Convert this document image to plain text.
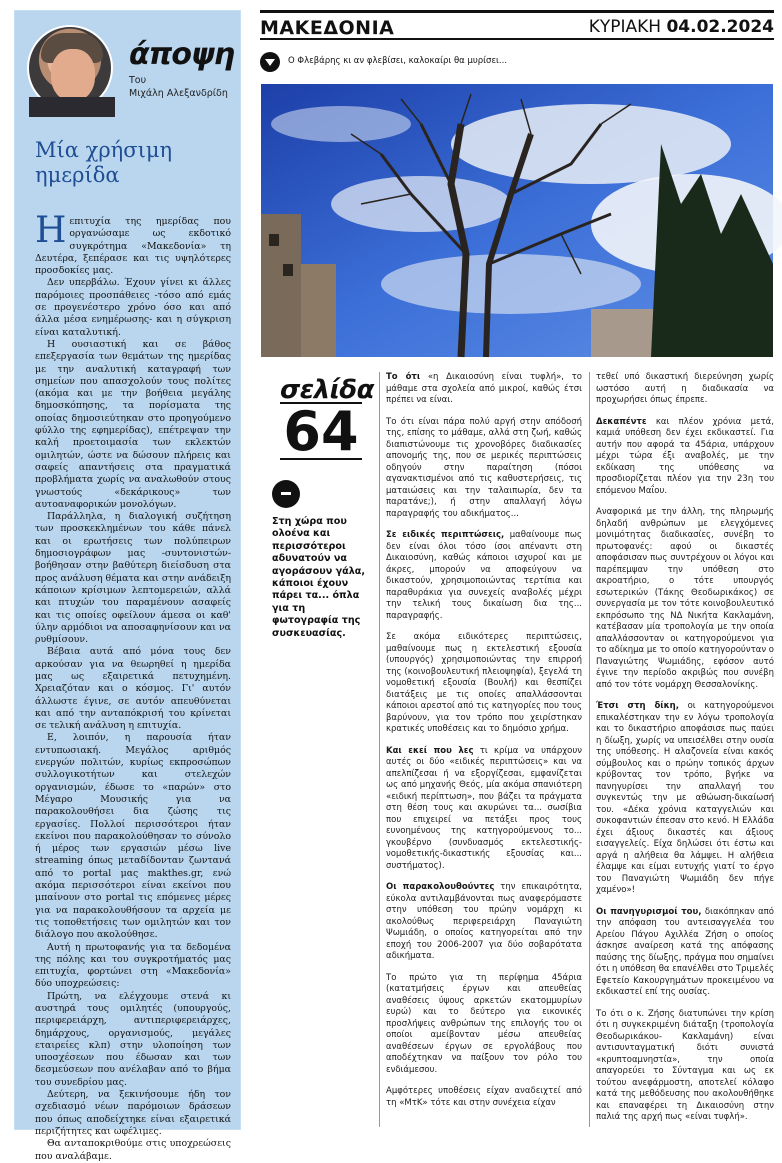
άποψη
Του
Μιχάλη Αλεξανδρίδη
Μία χρήσιμη ημερίδα

Ηεπιτυχία της ημερίδας που οργανώσαμε ως εκδοτικό συγκρότημα «Μακεδονία» τη Δευτέρα, ξεπέρασε και τις υψηλότερες προσδοκίες μας.

Δεν υπερβάλω. Έχουν γίνει κι άλλες παρόμοιες προσπάθειες -τόσο από εμάς σε προγενέστερο χρόνο όσο και από άλλα μέσα ενημέρωσης- και η σύγκριση είναι καταλυτική.

Η ουσιαστική και σε βάθος επεξεργασία των θεμάτων της ημερίδας με την αναλυτική καταγραφή των σημείων που απασχολούν τους πολίτες (ακόμα και με την βοήθεια μεγάλης δημοσκόπησης, τα πορίσματα της οποίας δημοσιεύτηκαν στο προηγούμενο φύλλο της εφημερίδας), επέτρεψαν την καλή προετοιμασία των εκλεκτών ομιλητών, ώστε να δώσουν πλήρεις και σαφείς απαντήσεις στα πραγματικά προβλήματα χωρίς να αναλωθούν στους γνωστούς «δεκάρικους» των αυτοαναφορικών μονολόγων.

Παράλληλα, η διαλογική συζήτηση των προσκεκλημένων του κάθε πάνελ και οι ερωτήσεις των πολύπειρων δημοσιογράφων μας -συντονιστών- βοήθησαν στην βαθύτερη διείσδυση στα προς ανάλυση θέματα και στην ανάδειξη κάποιων κρίσιμων λεπτομερειών, αλλά και πτυχών του παραμένουν ασαφείς και τις οποίες οφείλουν άμεσα οι καθ' ύλην αρμόδιοι να αποσαφηνίσουν και να ρυθμίσουν.

Βέβαια αυτά από μόνα τους δεν αρκούσαν για να θεωρηθεί η ημερίδα μας ως εξαιρετικά πετυχημένη. Χρειαζόταν και ο κόσμος. Γι' αυτόν άλλωστε έγινε, σε αυτόν απευθύνεται και από την ανταπόκρισή του κρίνεται σε τελική ανάλυση η επιτυχία.

Ε, λοιπόν, η παρουσία ήταν εντυπωσιακή. Μεγάλος αριθμός ενεργών πολιτών, κυρίως εκπροσώπων συλλογικοτήτων και στελεχών οργανισμών, έδωσε το «παρών» στο Μέγαρο Μουσικής για να παρακολουθήσει δια ζώσης τις εργασίες. Πολλοί περισσότεροι ήταν εκείνοι που παρακολούθησαν το σύνολο ή μέρος των εργασιών μέσω live streaming όπως μεταδίδονταν ζωντανά από το portal μας makthes.gr, ενώ ακόμα περισσότεροι είναι εκείνοι που μπαίνουν στο portal τις επόμενες μέρες για να παρακολουθήσουν τα αρχεία με τις τοποθετήσεις των ομιλητών και τον διάλογο που ακολούθησε.

Αυτή η πρωτοφανής για τα δεδομένα της πόλης και του συγκροτήματός μας επιτυχία, φορτώνει στη «Μακεδονία» δύο υποχρεώσεις:

Πρώτη, να ελέγχουμε στενά κι αυστηρά τους ομιλητές (υπουργούς, περιφερειάρχη, αντιπεριφερειάρχες, δημάρχους, οργανισμούς, μεγάλες εταιρείες κλπ) στην υλοποίηση των υποσχέσεων που έδωσαν και των δεσμεύσεων που ανέλαβαν από το βήμα του συνεδρίου μας.

Δεύτερη, να ξεκινήσουμε ήδη τον σχεδιασμό νέων παρόμοιων δράσεων που όπως αποδείχτηκε είναι εξαιρετικά περιζήτητες και ωφέλιμες.

Θα ανταποκριθούμε στις υποχρεώσεις που αναλάβαμε.

ΜΑΚΕΔΟΝΙΑ	ΚΥΡΙΑΚΗ 04.02.2024
Ο Φλεβάρης κι αν φλεβίσει, καλοκαίρι θα μυρίσει...
σελίδα
64
Στη χώρα που ολοένα και περισσότεροι αδυνατούν να αγοράσουν γάλα, κάποιοι έχουν πάρει τα... όπλα για τη φωτογραφία της συσκευασίας.

Το ότι «η Δικαιοσύνη είναι τυφλή», το μάθαμε στα σχολεία από μικροί, καθώς έτσι πρέπει να είναι.

Το ότι είναι πάρα πολύ αργή στην απόδοσή της, επίσης το μάθαμε, αλλά στη ζωή, καθώς διαπιστώνουμε τις χρονοβόρες διαδικασίες απονομής της, που σε μερικές περιπτώσεις οδηγούν στην παραίτηση (πόσοι αγανακτισμένοι από τις καθυστερήσεις, τις ματαιώσεις και την ταλαιπωρία, δεν τα παρατάνε;), ή στην απαλλαγή λόγω παραγραφής του αδικήματος...

Σε ειδικές περιπτώσεις, μαθαίνουμε πως δεν είναι όλοι τόσο ίσοι απέναντι στη Δικαιοσύνη, καθώς κάποιοι ισχυροί και με άκρες, μπορούν να αποφεύγουν να δικαστούν, χρησιμοποιώντας τερτίπια και παραθυράκια για συνεχείς αναβολές μέχρι την τελική τους δικαίωση δια της... παραγραφής.

Σε ακόμα ειδικότερες περιπτώσεις, μαθαίνουμε πως η εκτελεστική εξουσία (υπουργός) χρησιμοποιώντας την επιρροή της (κοινοβουλευτική πλειοψηφία), ξεγελά τη νομοθετική εξουσία (Βουλή) και θεσπίζει διατάξεις με τις οποίες απαλλάσσονται κάποιοι αρεστοί από τις κατηγορίες που τους βαρύνουν, για τον τρόπο που χειρίστηκαν κρατικές υποθέσεις και το δημόσιο χρήμα.

Και εκεί που λες τι κρίμα να υπάρχουν αυτές οι δύο «ειδικές περιπτώσεις» και να απελπίζεσαι ή να εξοργίζεσαι, εμφανίζεται ως από μηχανής Θεός, μία ακόμα σπανιότερη «ειδική περίπτωση», που βάζει τα πράγματα στη θέση τους και ακυρώνει τα... σωσίβια που επιχειρεί να πετάξει προς τους ευνοημένους της κατηγορούμενους το... γκουβέρνο (συνδυασμός εκτελεστικής- νομοθετικής-δικαστικής εξουσίας και... συστήματος).

Οι παρακολουθούντες την επικαιρότητα, εύκολα αντιλαμβάνονται πως αναφερόμαστε στην υπόθεση του πρώην νομάρχη κι ακολούθως περιφερειάρχη Παναγιώτη Ψωμιάδη, ο οποίος κατηγορείται από την εποχή του 2006-2007 για δύο σοβαρότατα αδικήματα.

Το πρώτο για τη περίφημα 45άρια (κατατμήσεις έργων και απευθείας αναθέσεις ύψους αρκετών εκατομμυρίων ευρώ) και το δεύτερο για εικονικές προσλήψεις ανθρώπων της επιλογής του οι οποίοι αμείβονταν μέσω απευθείας αναθέσεων έργων σε εργολάβους που αποδέχτηκαν να παίξουν τον ρόλο του ενδιάμεσου.

Αμφότερες υποθέσεις είχαν αναδειχτεί από τη «ΜτΚ» τότε και στην συνέχεια είχαν

τεθεί υπό δικαστική διερεύνηση χωρίς ωστόσο αυτή η διαδικασία να προχωρήσει όπως έπρεπε.

Δεκαπέντε και πλέον χρόνια μετά, καμιά υπόθεση δεν έχει εκδικαστεί. Για αυτήν που αφορά τα 45άρια, υπάρχουν μέχρι τώρα έξι αναβολές, με την εκδίκαση της υπόθεσης να προσδιορίζεται πλέον για την 23η του επόμενου Μαΐου.

Αναφορικά με την άλλη, της πληρωμής δηλαδή ανθρώπων με ελεγχόμενες μονιμότητας διαδικασίες, συνέβη το πρωτοφανές: αφού οι δικαστές αποφάσισαν πως συντρέχουν οι λόγοι και παρέπεμψαν την υπόθεση στο ακροατήριο, ο τότε υπουργός εσωτερικών (Τάκης Θεοδωρικάκος) σε συνεργασία με τον τότε κοινοβουλευτικό εκπρόσωπο της ΝΔ Νικήτα Κακλαμάνη, κατέβασαν μία τροπολογία με την οποία απαλλάσσονταν οι κατηγορούμενοι για το αδίκημα με το οποίο κατηγορούνταν ο Παναγιώτης Ψωμιάδης, εφόσον αυτό έγινε την περίοδο ακριβώς που συνέβη από τον τότε νομάρχη Θεσσαλονίκης.

Έτσι στη δίκη, οι κατηγορούμενοι επικαλέστηκαν την εν λόγω τροπολογία και το δικαστήριο αποφάσισε πως παύει η δίωξη, χωρίς να υπεισέλθει στην ουσία της υπόθεσης. Η αλαζονεία είναι κακός σύμβουλος και ο πρώην τοπικός άρχων κρύβοντας τον τρόπο, βγήκε να πανηγυρίσει την απαλλαγή του συγκεντώς την με αθώωση-δικαίωσή του. «Δέκα χρόνια καταγγελιών και συκοφαντιών έπεσαν στο κενό. Η Ελλάδα έχει άξιους δικαστές και άξιους εισαγγελείς. Είχα δηλώσει ότι έστω και αργά η αλήθεια θα λάμψει. Η αλήθεια έλαμψε και είμαι ευτυχής γιατί το έργο του Παναγιώτη Ψωμιάδη δεν πήγε χαμένο»!

Οι πανηγυρισμοί του, διακόπηκαν από την απόφαση του αντεισαγγελέα του Αρείου Πάγου Αχιλλέα Ζήση ο οποίος άσκησε αναίρεση κατά της απόφασης παύσης της δίωξης, πράγμα που σημαίνει ότι η υπόθεση θα επανέλθει στο Τριμελές Εφετείο Κακουργημάτων προκειμένου να εκδικαστεί επί της ουσίας.

Το ότι ο κ. Ζήσης διατυπώνει την κρίση ότι η συγκεκριμένη διάταξη (τροπολογία Θεοδωρικάκου- Κακλαμάνη) είναι αντισυνταγματική διότι συνιστά «κρυπτοαμνηστία», την οποία απαγορεύει το Σύνταγμα και ως εκ τούτου ανεφάρμοστη, αποτελεί κόλαφο κατά της μεθόδευσης που ακολουθήθηκε και επαναφέρει τη Δικαιοσύνη στην παλιά της αρχή πως «είναι τυφλή».
